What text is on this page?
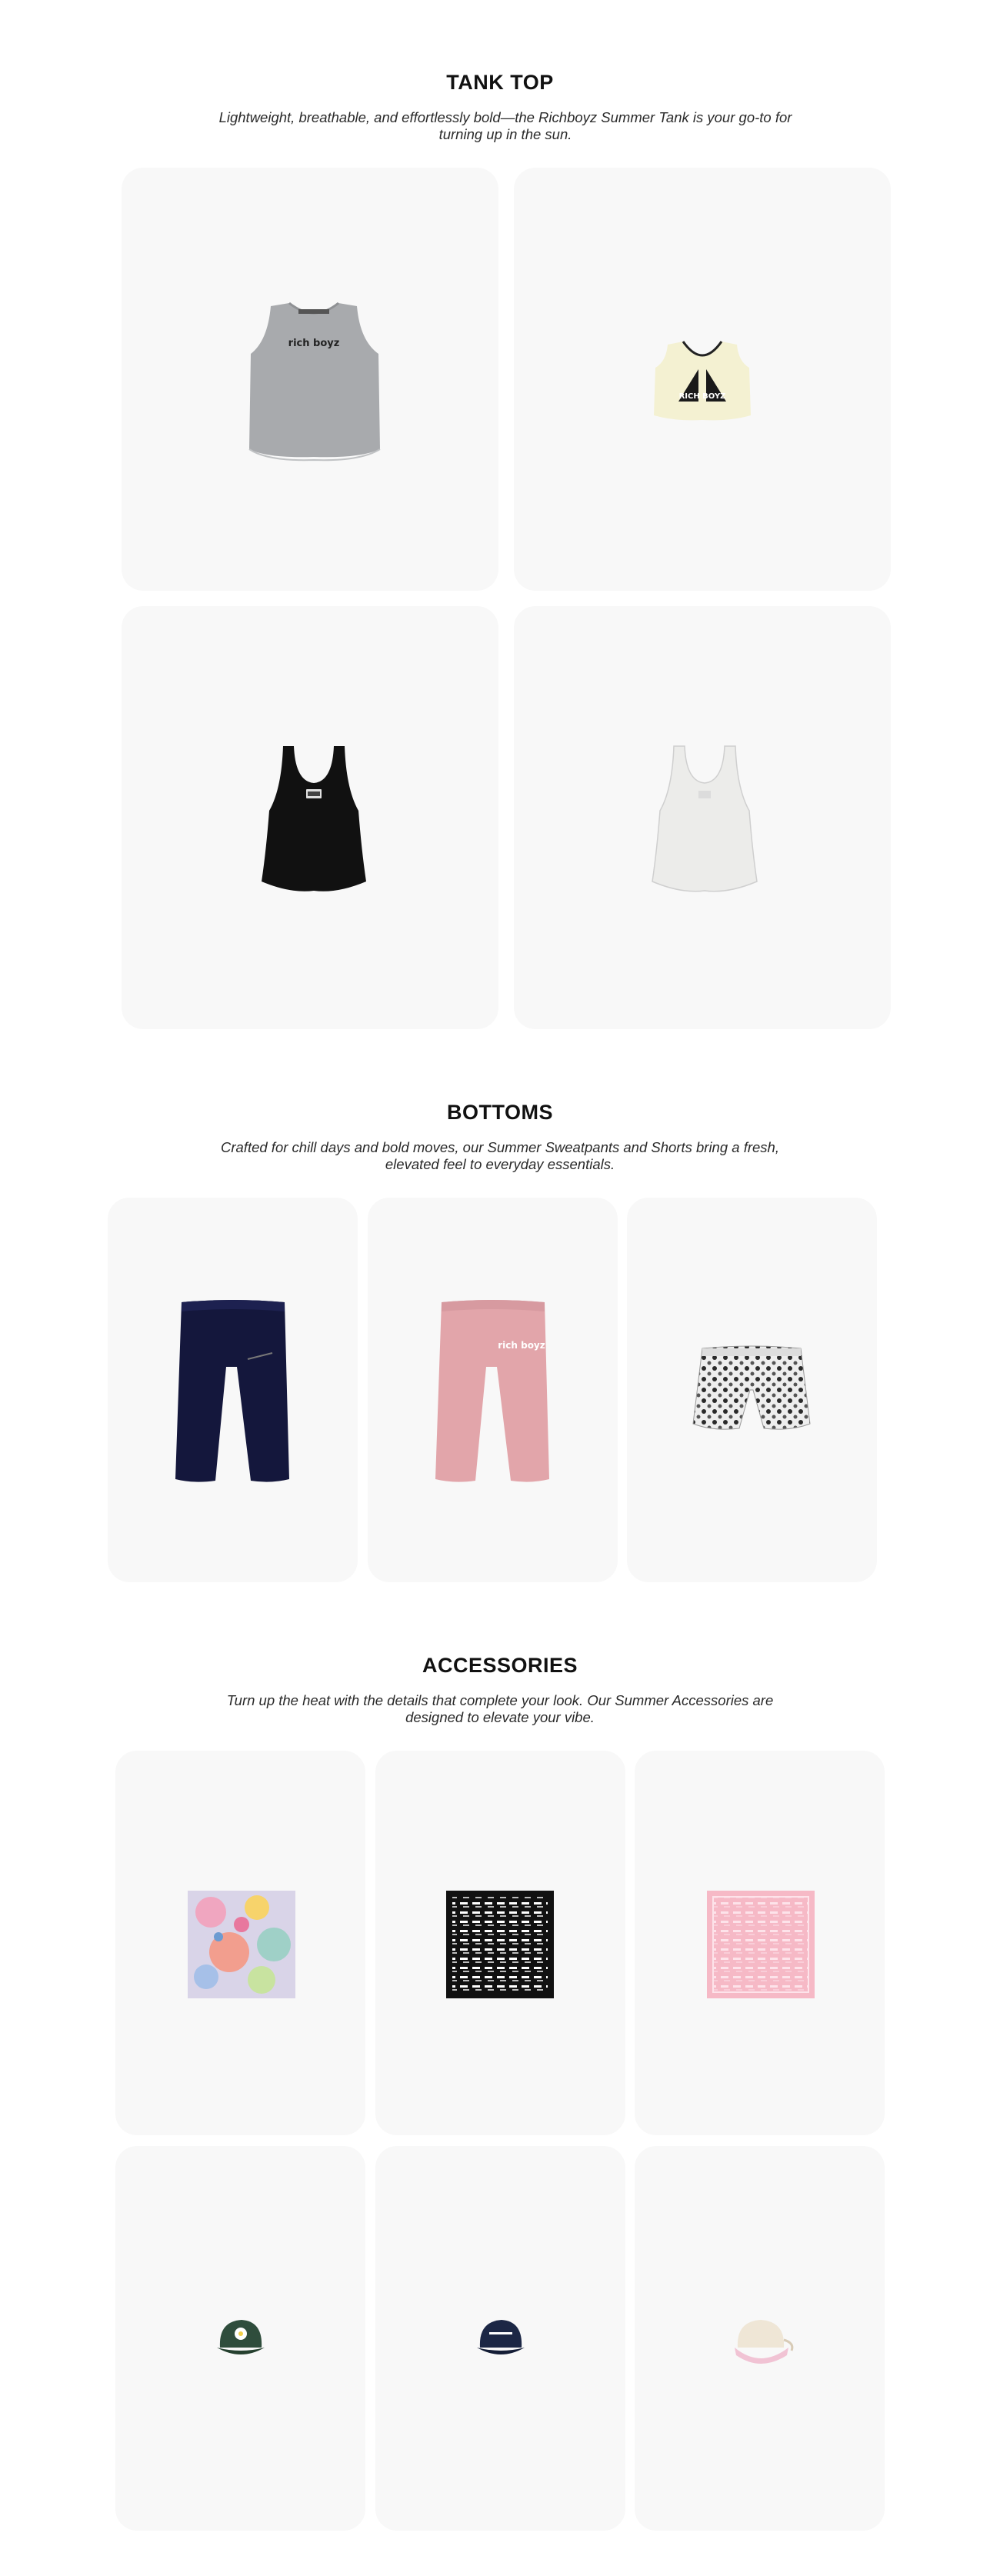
TANK TOP

Lightweight, breathable, and effortlessly bold—the Richboyz Summer Tank is your go-to for turning up in the sun.

rich boyz
RICH BOYZ
BOTTOMS

Crafted for chill days and bold moves, our Summer Sweatpants and Shorts bring a fresh, elevated feel to everyday essentials.

rich boyz
ACCESSORIES

Turn up the heat with the details that complete your look. Our Summer Accessories are designed to elevate your vibe.
